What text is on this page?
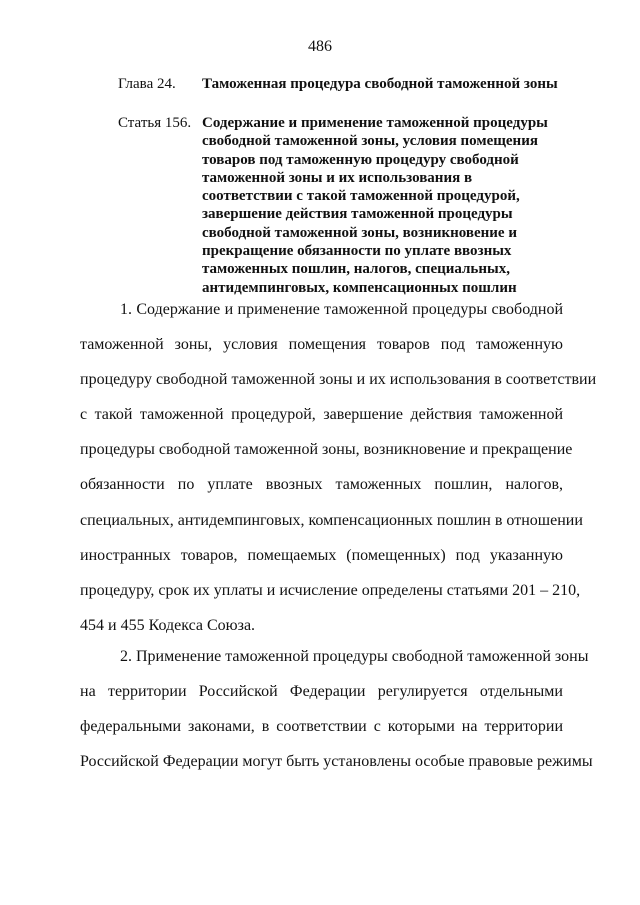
486
Глава 24. Таможенная процедура свободной таможенной зоны
Статья 156. Содержание и применение таможенной процедуры
свободной таможенной зоны, условия помещения
товаров под таможенную процедуру свободной
таможенной зоны и их использования в
соответствии с такой таможенной процедурой,
завершение действия таможенной процедуры
свободной таможенной зоны, возникновение и
прекращение обязанности по уплате ввозных
таможенных пошлин, налогов, специальных,
антидемпинговых, компенсационных пошлин
1. Содержание и применение таможенной процедуры свободной
таможенной зоны, условия помещения товаров под таможенную
процедуру свободной таможенной зоны и их использования в соответствии
с такой таможенной процедурой, завершение действия таможенной
процедуры свободной таможенной зоны, возникновение и прекращение
обязанности по уплате ввозных таможенных пошлин, налогов,
специальных, антидемпинговых, компенсационных пошлин в отношении
иностранных товаров, помещаемых (помещенных) под указанную
процедуру, срок их уплаты и исчисление определены статьями 201 – 210,
454 и 455 Кодекса Союза.
2. Применение таможенной процедуры свободной таможенной зоны
на территории Российской Федерации регулируется отдельными
федеральными законами, в соответствии с которыми на территории
Российской Федерации могут быть установлены особые правовые режимы
